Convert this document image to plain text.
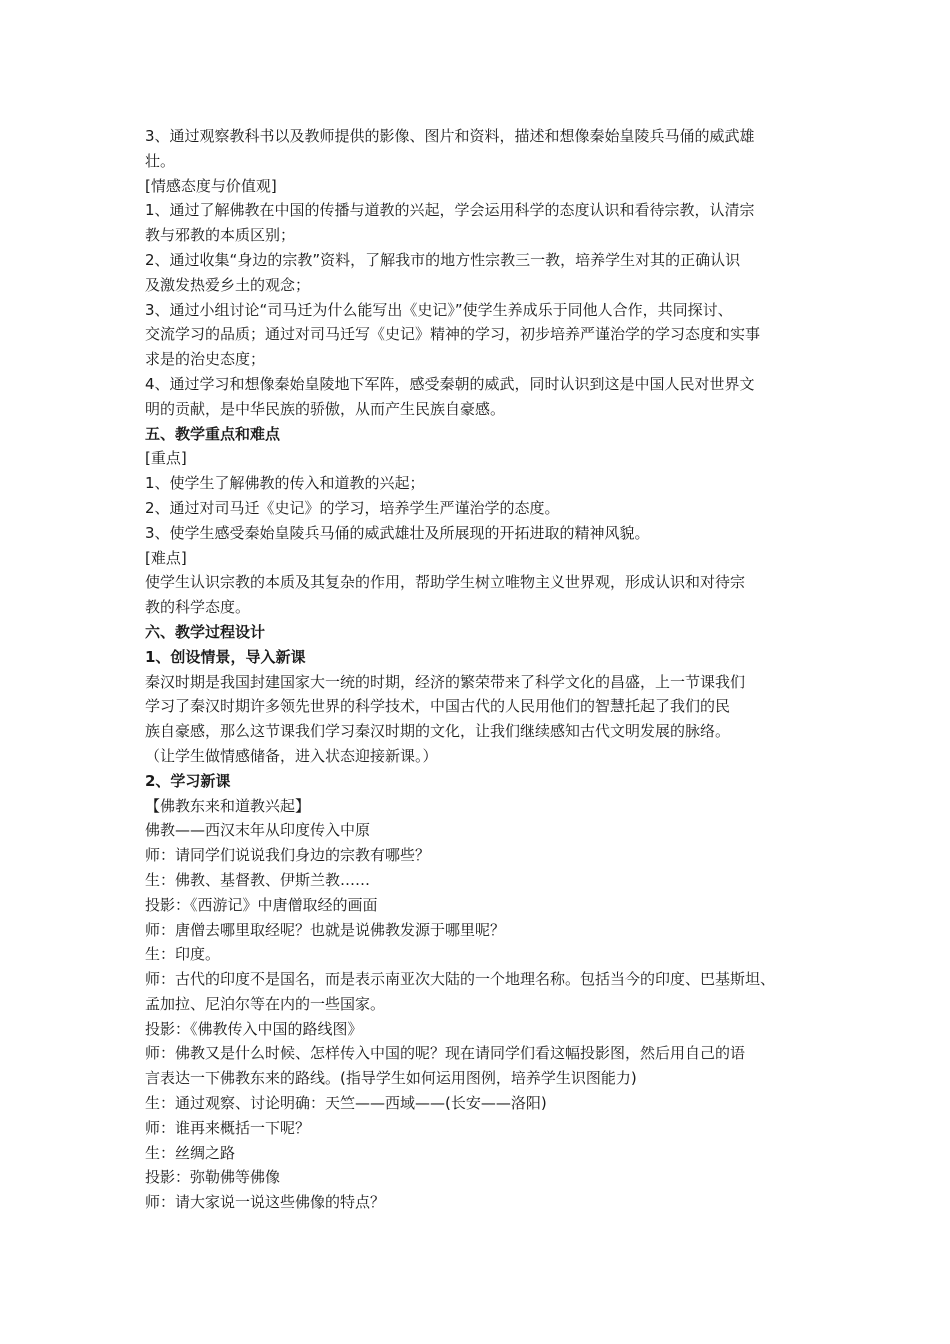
3、通过观察教科书以及教师提供的影像、图片和资料，描述和想像秦始皇陵兵马俑的威武雄
壮。
[情感态度与价值观]
1、通过了解佛教在中国的传播与道教的兴起，学会运用科学的态度认识和看待宗教，认清宗
教与邪教的本质区别；
2、通过收集“身边的宗教”资料，了解我市的地方性宗教三一教，培养学生对其的正确认识
及激发热爱乡土的观念；
3、通过小组讨论“司马迁为什么能写出《史记》”使学生养成乐于同他人合作，共同探讨、
交流学习的品质；通过对司马迁写《史记》精神的学习，初步培养严谨治学的学习态度和实事
求是的治史态度；
4、通过学习和想像秦始皇陵地下军阵，感受秦朝的威武，同时认识到这是中国人民对世界文
明的贡献，是中华民族的骄傲，从而产生民族自豪感。
五、教学重点和难点
[重点]
1、使学生了解佛教的传入和道教的兴起；
2、通过对司马迁《史记》的学习，培养学生严谨治学的态度。
3、使学生感受秦始皇陵兵马俑的威武雄壮及所展现的开拓进取的精神风貌。
[难点]
使学生认识宗教的本质及其复杂的作用，帮助学生树立唯物主义世界观，形成认识和对待宗
教的科学态度。
六、教学过程设计
1、创设情景，导入新课
秦汉时期是我国封建国家大一统的时期，经济的繁荣带来了科学文化的昌盛，上一节课我们
学习了秦汉时期许多领先世界的科学技术，中国古代的人民用他们的智慧托起了我们的民
族自豪感，那么这节课我们学习秦汉时期的文化，让我们继续感知古代文明发展的脉络。
（让学生做情感储备，进入状态迎接新课。）
2、学习新课
【佛教东来和道教兴起】
佛教——西汉末年从印度传入中原
师：请同学们说说我们身边的宗教有哪些？
生：佛教、基督教、伊斯兰教……
投影：《西游记》中唐僧取经的画面
师：唐僧去哪里取经呢？也就是说佛教发源于哪里呢？
生：印度。
师：古代的印度不是国名，而是表示南亚次大陆的一个地理名称。包括当今的印度、巴基斯坦、
孟加拉、尼泊尔等在内的一些国家。
投影：《佛教传入中国的路线图》
师：佛教又是什么时候、怎样传入中国的呢？现在请同学们看这幅投影图，然后用自己的语
言表达一下佛教东来的路线。(指导学生如何运用图例，培养学生识图能力)
生：通过观察、讨论明确：天竺——西域——(长安——洛阳)
师：谁再来概括一下呢？
生：丝绸之路
投影：弥勒佛等佛像
师：请大家说一说这些佛像的特点？
